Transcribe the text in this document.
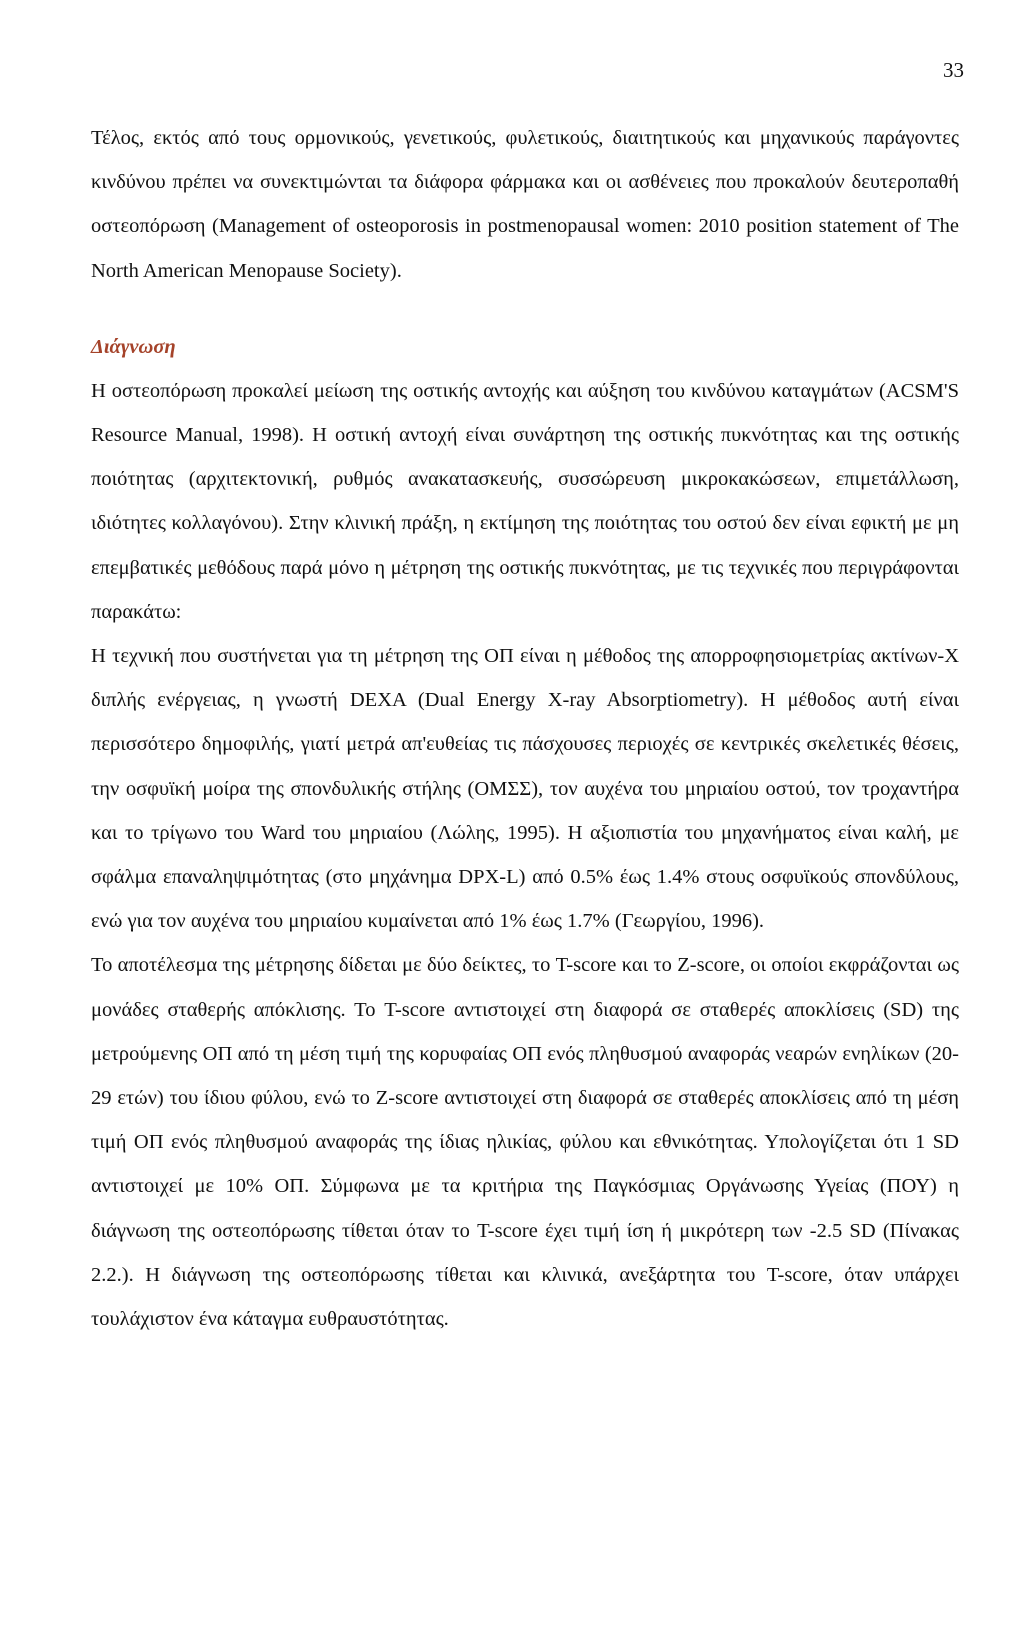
33

Τέλος, εκτός από τους ορμονικούς, γενετικούς, φυλετικούς, διαιτητικούς και μηχανικούς παράγοντες κινδύνου πρέπει να συνεκτιμώνται τα διάφορα φάρμακα και οι ασθένειες που προκαλούν δευτεροπαθή οστεοπόρωση (Management of osteoporosis in postmenopausal women: 2010 position statement of The North American Menopause Society).

Διάγνωση

Η οστεοπόρωση προκαλεί μείωση της οστικής αντοχής και αύξηση του κινδύνου καταγμάτων (ACSM'S Resource Manual, 1998). Η οστική αντοχή είναι συνάρτηση της οστικής πυκνότητας και της οστικής ποιότητας (αρχιτεκτονική, ρυθμός ανακατασκευής, συσσώρευση μικροκακώσεων, επιμετάλλωση, ιδιότητες κολλαγόνου). Στην κλινική πράξη, η εκτίμηση της ποιότητας του οστού δεν είναι εφικτή με μη επεμβατικές μεθόδους παρά μόνο η μέτρηση της οστικής πυκνότητας, με τις τεχνικές που περιγράφονται παρακάτω:

Η τεχνική που συστήνεται για τη μέτρηση της ΟΠ είναι η μέθοδος της απορροφησιομετρίας ακτίνων-Χ διπλής ενέργειας, η γνωστή DEXA (Dual Energy X-ray Absorptiometry). Η μέθοδος αυτή είναι περισσότερο δημοφιλής, γιατί μετρά απ'ευθείας τις πάσχουσες περιοχές σε κεντρικές σκελετικές θέσεις, την οσφυϊκή μοίρα της σπονδυλικής στήλης (ΟΜΣΣ), τον αυχένα του μηριαίου οστού, τον τροχαντήρα και το τρίγωνο του Ward του μηριαίου (Λώλης, 1995). Η αξιοπιστία του μηχανήματος είναι καλή, με σφάλμα επαναληψιμότητας (στο μηχάνημα DPX-L) από 0.5% έως 1.4% στους οσφυϊκούς σπονδύλους, ενώ για τον αυχένα του μηριαίου κυμαίνεται από 1% έως 1.7% (Γεωργίου, 1996).

Το αποτέλεσμα της μέτρησης δίδεται με δύο δείκτες, το T-score και το Z-score, οι οποίοι εκφράζονται ως μονάδες σταθερής απόκλισης. Το T-score αντιστοιχεί στη διαφορά σε σταθερές αποκλίσεις (SD) της μετρούμενης ΟΠ από τη μέση τιμή της κορυφαίας ΟΠ ενός πληθυσμού αναφοράς νεαρών ενηλίκων (20-29 ετών) του ίδιου φύλου, ενώ το Z-score αντιστοιχεί στη διαφορά σε σταθερές αποκλίσεις από τη μέση τιμή ΟΠ ενός πληθυσμού αναφοράς της ίδιας ηλικίας, φύλου και εθνικότητας. Υπολογίζεται ότι 1 SD αντιστοιχεί με 10% ΟΠ. Σύμφωνα με τα κριτήρια της Παγκόσμιας Οργάνωσης Υγείας (ΠΟΥ) η διάγνωση της οστεοπόρωσης τίθεται όταν το T-score έχει τιμή ίση ή μικρότερη των -2.5 SD (Πίνακας 2.2.). Η διάγνωση της οστεοπόρωσης τίθεται και κλινικά, ανεξάρτητα του T-score, όταν υπάρχει τουλάχιστον ένα κάταγμα ευθραυστότητας.
